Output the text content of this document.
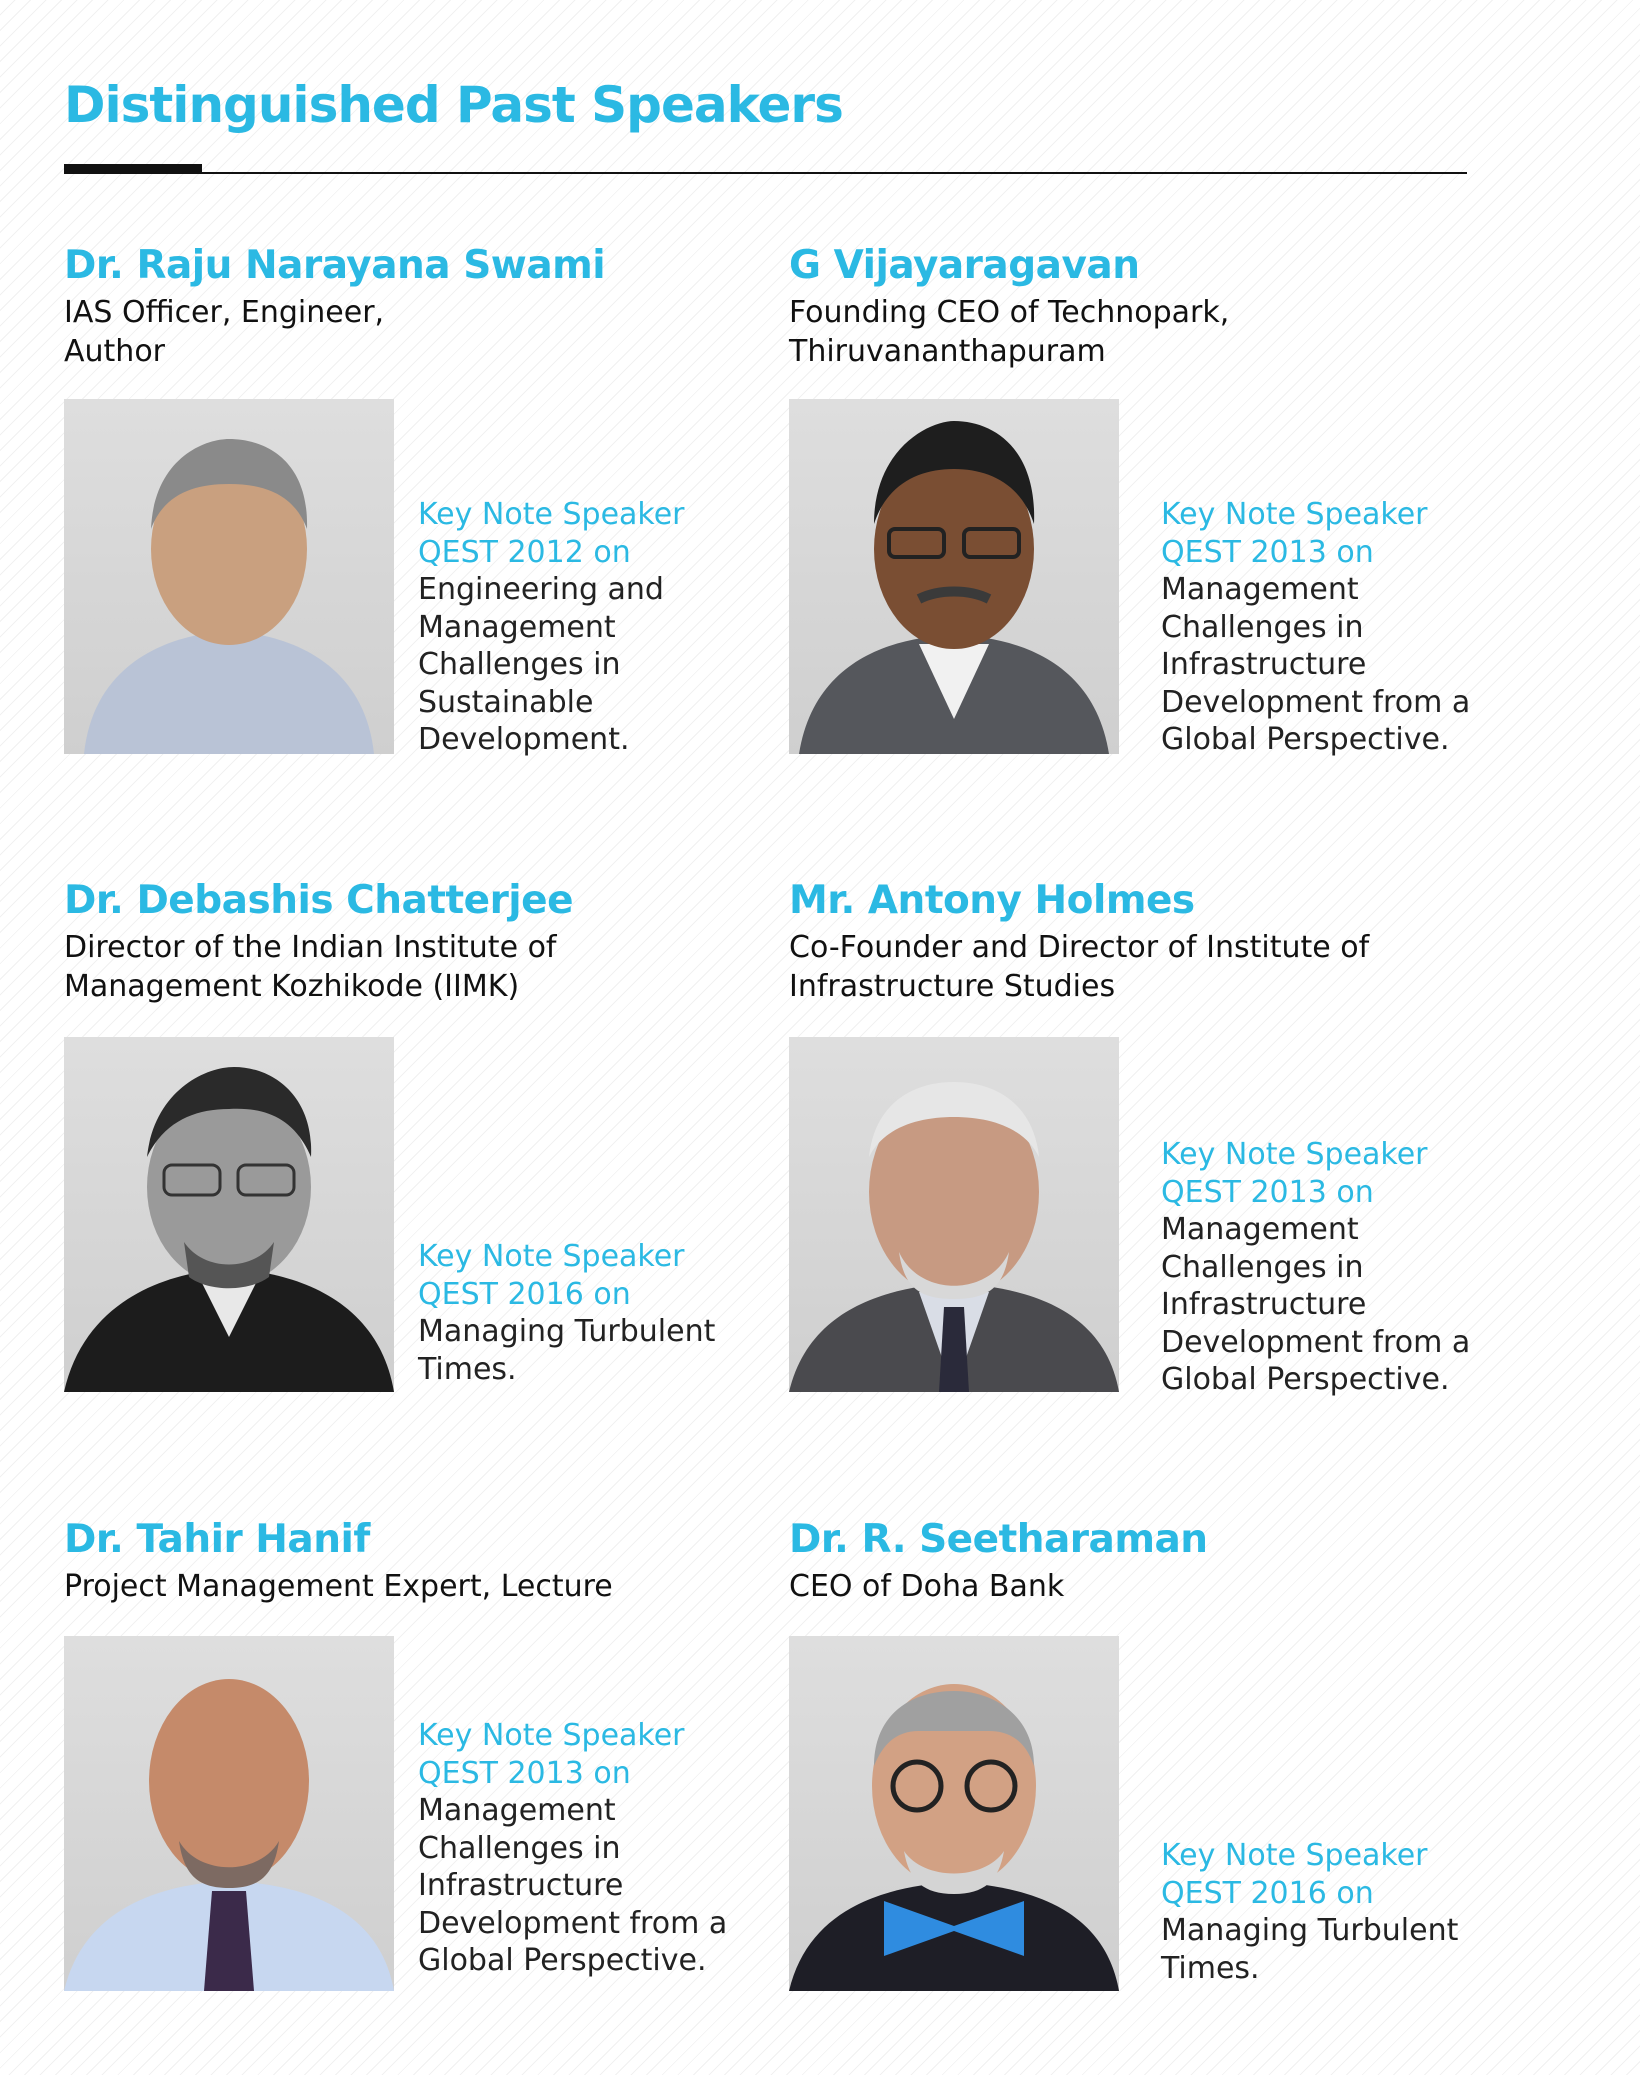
Distinguished Past Speakers
Dr. Raju Narayana Swami
IAS Officer, Engineer,
Author
Key Note Speaker
QEST 2012 on
Engineering and
Management
Challenges in
Sustainable
Development.
G Vijayaragavan
Founding CEO of Technopark,
Thiruvananthapuram
Key Note Speaker
QEST 2013 on
Management
Challenges in
Infrastructure
Development from a
Global Perspective.
Dr. Debashis Chatterjee
Director of the Indian Institute of
Management Kozhikode (IIMK)
Key Note Speaker
QEST 2016 on
Managing Turbulent
Times.
Mr. Antony Holmes
Co-Founder and Director of Institute of
Infrastructure Studies
Key Note Speaker
QEST 2013 on
Management
Challenges in
Infrastructure
Development from a
Global Perspective.
Dr. Tahir Hanif
Project Management Expert, Lecture
Key Note Speaker
QEST 2013 on
Management
Challenges in
Infrastructure
Development from a
Global Perspective.
Dr. R. Seetharaman
CEO of Doha Bank
Key Note Speaker
QEST 2016 on
Managing Turbulent
Times.
